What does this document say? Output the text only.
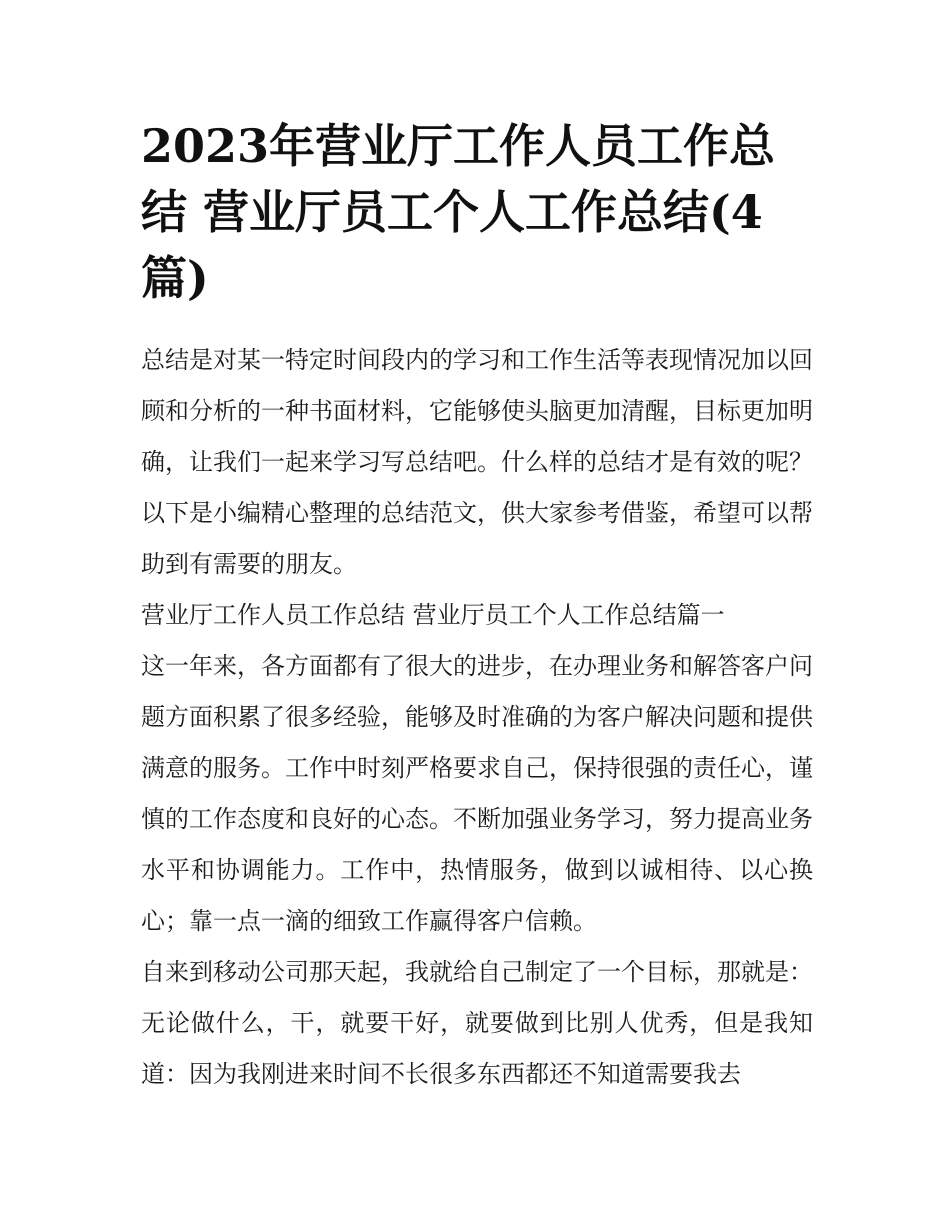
2023年营业厅工作人员工作总结 营业厅员工个人工作总结(4篇)

总结是对某一特定时间段内的学习和工作生活等表现情况加以回顾和分析的一种书面材料，它能够使头脑更加清醒，目标更加明确，让我们一起来学习写总结吧。什么样的总结才是有效的呢？以下是小编精心整理的总结范文，供大家参考借鉴，希望可以帮助到有需要的朋友。

营业厅工作人员工作总结 营业厅员工个人工作总结篇一

这一年来，各方面都有了很大的进步，在办理业务和解答客户问题方面积累了很多经验，能够及时准确的为客户解决问题和提供满意的服务。工作中时刻严格要求自己，保持很强的责任心，谨慎的工作态度和良好的心态。不断加强业务学习，努力提高业务水平和协调能力。工作中，热情服务，做到以诚相待、以心换心；靠一点一滴的细致工作赢得客户信赖。

自来到移动公司那天起，我就给自己制定了一个目标，那就是：无论做什么，干，就要干好，就要做到比别人优秀，但是我知道：因为我刚进来时间不长很多东西都还不知道需要我去
